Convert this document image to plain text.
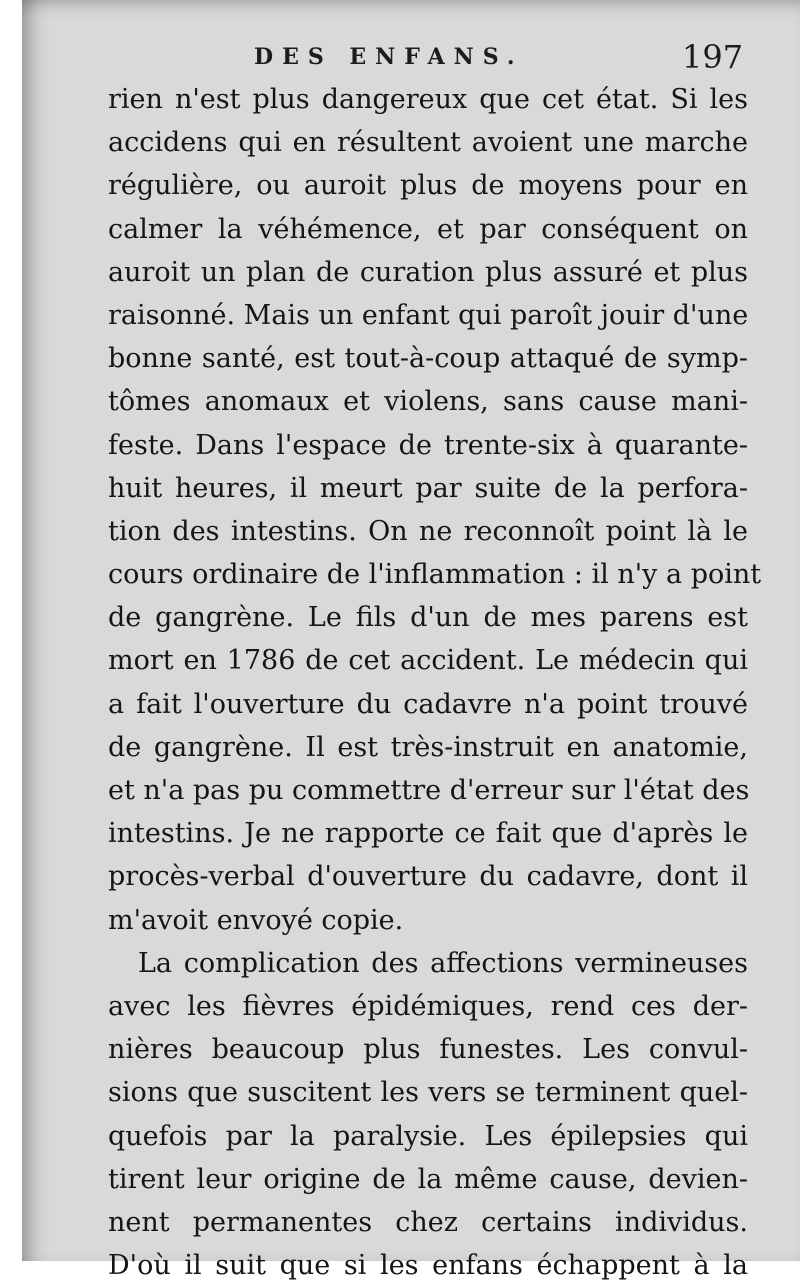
DES ENFANS.	197
rien n'est plus dangereux que cet état. Si les
accidens qui en résultent avoient une marche
régulière, ou auroit plus de moyens pour en
calmer la véhémence, et par conséquent on
auroit un plan de curation plus assuré et plus
raisonné. Mais un enfant qui paroît jouir d'une
bonne santé, est tout-à-coup attaqué de symp-
tômes anomaux et violens, sans cause mani-
feste. Dans l'espace de trente-six à quarante-
huit heures, il meurt par suite de la perfora-
tion des intestins. On ne reconnoît point là le
cours ordinaire de l'inflammation : il n'y a point
de gangrène. Le fils d'un de mes parens est
mort en 1786 de cet accident. Le médecin qui
a fait l'ouverture du cadavre n'a point trouvé
de gangrène. Il est très-instruit en anatomie,
et n'a pas pu commettre d'erreur sur l'état des
intestins. Je ne rapporte ce fait que d'après le
procès-verbal d'ouverture du cadavre, dont il
m'avoit envoyé copie.
La complication des affections vermineuses
avec les fièvres épidémiques, rend ces der-
nières beaucoup plus funestes. Les convul-
sions que suscitent les vers se terminent quel-
quefois par la paralysie. Les épilepsies qui
tirent leur origine de la même cause, devien-
nent permanentes chez certains individus.
D'où il suit que si les enfans échappent à la
